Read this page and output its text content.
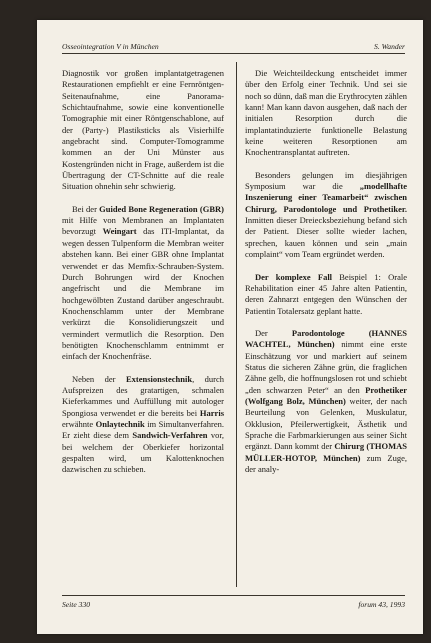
Osseointegration V in München	S. Wander

Diagnostik vor großen implantatgetragenen Restaurationen empfiehlt er eine Fernröntgen-Seitenaufnahme, eine Panorama-Schichtaufnahme, sowie eine konventionelle Tomographie mit einer Röntgenschablone, auf der (Party-) Plastiksticks als Visierhilfe angebracht sind. Computer-Tomogramme kommen an der Uni Münster aus Kostengründen nicht in Frage, außerdem ist die Übertragung der CT-Schnitte auf die reale Situation ohnehin sehr schwierig.

Bei der Guided Bone Regeneration (GBR) mit Hilfe von Membranen an Implantaten bevorzugt Weingart das ITI-Implantat, da wegen dessen Tulpenform die Membran weiter abstehen kann. Bei einer GBR ohne Implantat verwendet er das Memfix-Schrauben-System. Durch Bohrungen wird der Knochen angefrischt und die Membrane im hochgewölbten Zustand darüber angeschraubt. Knochenschlamm unter der Membrane verkürzt die Konsolidierungszeit und vermindert vermutlich die Resorption. Den benötigten Knochenschlamm entnimmt er einfach der Knochenfräse.

Neben der Extensionstechnik, durch Aufspreizen des gratartigen, schmalen Kieferkammes und Auffüllung mit autologer Spongiosa verwendet er die bereits bei Harris erwähnte Onlaytechnik im Simultanverfahren. Er zieht diese dem Sandwich-Verfahren vor, bei welchem der Oberkiefer horizontal gespalten wird, um Kalottenknochen dazwischen zu schieben.

Die Weichteildeckung entscheidet immer über den Erfolg einer Technik. Und sei sie noch so dünn, daß man die Erythrocyten zählen kann! Man kann davon ausgehen, daß nach der initialen Resorption durch die implantatinduzierte funktionelle Belastung keine weiteren Resorptionen am Knochentransplantat auftreten.

Besonders gelungen im diesjährigen Symposium war die „modellhafte Inszenierung einer Teamarbeit“ zwischen Chirurg, Parodontologe und Prothetiker. Inmitten dieser Dreiecksbeziehung befand sich der Patient. Dieser sollte wieder lachen, sprechen, kauen können und sein „main complaint“ vom Team ergründet werden.

Der komplexe Fall Beispiel 1: Orale Rehabilitation einer 45 Jahre alten Patientin, deren Zahnarzt entgegen den Wünschen der Patientin Totalersatz geplant hatte.

Der Parodontologe (HANNES WACHTEL, München) nimmt eine erste Einschätzung vor und markiert auf seinem Status die sicheren Zähne grün, die fraglichen Zähne gelb, die hoffnungslosen rot und schiebt „den schwarzen Peter“ an den Prothetiker (Wolfgang Bolz, München) weiter, der nach Beurteilung von Gelenken, Muskulatur, Okklusion, Pfeilerwertigkeit, Ästhetik und Sprache die Farbmarkierungen aus seiner Sicht ergänzt. Dann kommt der Chirurg (THOMAS MÜLLER-HOTOP, München) zum Zuge, der analy-

Seite 330	forum 43, 1993
